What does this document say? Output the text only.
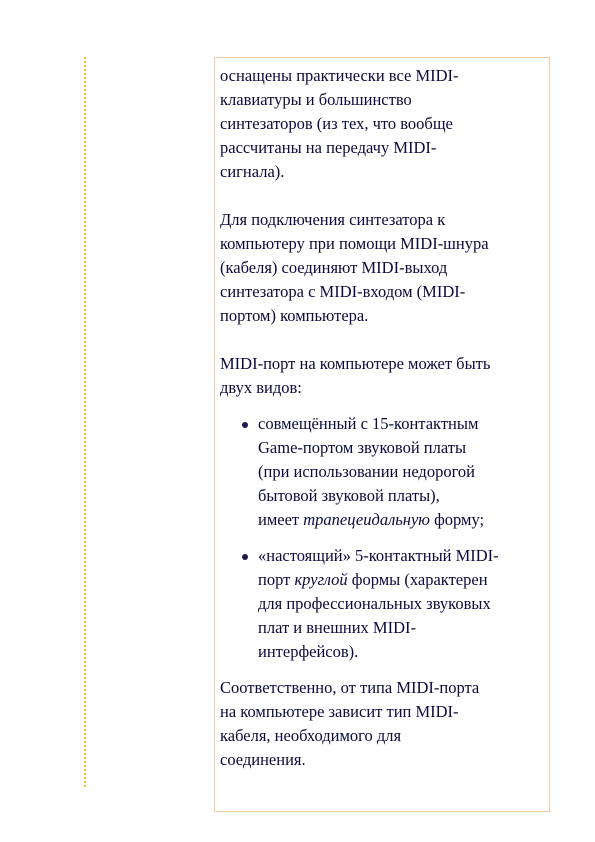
оснащены практически все MIDI-
клавиатуры и большинство
синтезаторов (из тех, что вообще
рассчитаны на передачу MIDI-
сигнала).

Для подключения синтезатора к
компьютеру при помощи MIDI-шнура
(кабеля) соединяют MIDI-выход
синтезатора с MIDI-входом (MIDI-
портом) компьютера.

MIDI-порт на компьютере может быть
двух видов:

совмещённый с 15-контактным
Game-портом звуковой платы
(при использовании недорогой
бытовой звуковой платы),
имеет трапецеидальную форму;
«настоящий» 5-контактный MIDI-
порт круглой формы (характерен
для профессиональных звуковых
плат и внешних MIDI-
интерфейсов).

Соответственно, от типа MIDI-порта
на компьютере зависит тип MIDI-
кабеля, необходимого для
соединения.
